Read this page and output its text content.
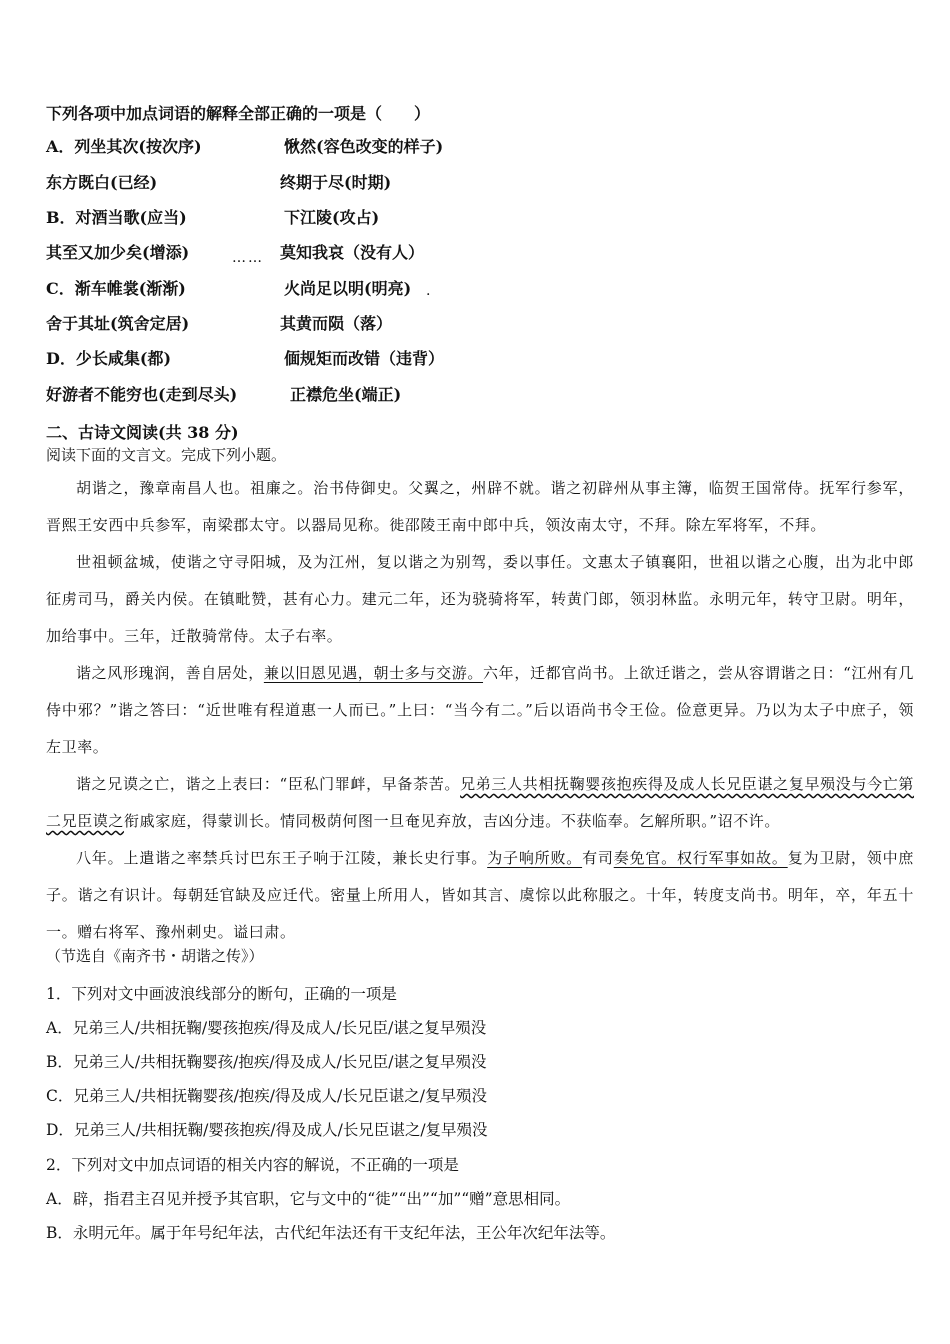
下列各项中加点词语的解释全部正确的一项是（　　）
A．列坐其次(按次序)	愀然(容色改变的样子)
东方既白(已经)	终期于尽(时期)
B．对酒当歌(应当)	下江陵(攻占)
其至又加少矣(增添)	莫知我哀（没有人）
C．渐车帷裳(渐渐)	火尚足以明(明亮)
舍于其址(筑舍定居)	其黄而陨（落）
D．少长咸集(都)	偭规矩而改错（违背）
好游者不能穷也(走到尽头)	正襟危坐(端正)
……
.
二、古诗文阅读(共 38 分)
阅读下面的文言文。完成下列小题。

胡谐之，豫章南昌人也。祖廉之。治书侍御史。父翼之，州辟不就。谐之初辟州从事主簿，临贺王国常侍。抚军行参军，晋熙王安西中兵参军，南梁郡太守。以器局见称。徙邵陵王南中郎中兵，领汝南太守，不拜。除左军将军，不拜。

世祖顿盆城，使谐之守寻阳城，及为江州，复以谐之为别驾，委以事任。文惠太子镇襄阳，世祖以谐之心腹，出为北中郎征虏司马，爵关内侯。在镇毗赞，甚有心力。建元二年，还为骁骑将军，转黄门郎，领羽林监。永明元年，转守卫尉。明年，加给事中。三年，迁散骑常侍。太子右率。

谐之风形瑰润，善自居处，兼以旧恩见遇，朝士多与交游。六年，迁都官尚书。上欲迁谐之，尝从容谓谐之日：“江州有几侍中邪？”谐之答曰：“近世唯有程道惠一人而已。”上曰：“当今有二。”后以语尚书令王俭。俭意更异。乃以为太子中庶子，领左卫率。

谐之兄谟之亡，谐之上表曰：“臣私门罪衅，早备荼苦。兄弟三人共相抚鞠婴孩抱疾得及成人长兄臣谌之复早殒没与今亡第二兄臣谟之衔戚家庭，得蒙训长。情同极荫何图一旦奄见弃放，吉凶分违。不获临奉。乞解所职。”诏不许。

八年。上遣谐之率禁兵讨巴东王子响于江陵，兼长史行事。为子响所败。有司奏免官。权行军事如故。复为卫尉，领中庶子。谐之有识计。每朝廷官缺及应迁代。密量上所用人，皆如其言、虞悰以此称服之。十年，转度支尚书。明年，卒，年五十一。赠右将军、豫州刺史。谥曰肃。

（节选自《南齐书・胡谐之传》）
1．下列对文中画波浪线部分的断句，正确的一项是
A．兄弟三人/共相抚鞠/婴孩抱疾/得及成人/长兄臣/谌之复早殒没
B．兄弟三人/共相抚鞠婴孩/抱疾/得及成人/长兄臣/谌之复早殒没
C．兄弟三人/共相抚鞠婴孩/抱疾/得及成人/长兄臣谌之/复早殒没
D．兄弟三人/共相抚鞠/婴孩抱疾/得及成人/长兄臣谌之/复早殒没
2．下列对文中加点词语的相关内容的解说，不正确的一项是
A．辟，指君主召见并授予其官职，它与文中的“徙”“出”“加”“赠”意思相同。
B．永明元年。属于年号纪年法，古代纪年法还有干支纪年法，王公年次纪年法等。
